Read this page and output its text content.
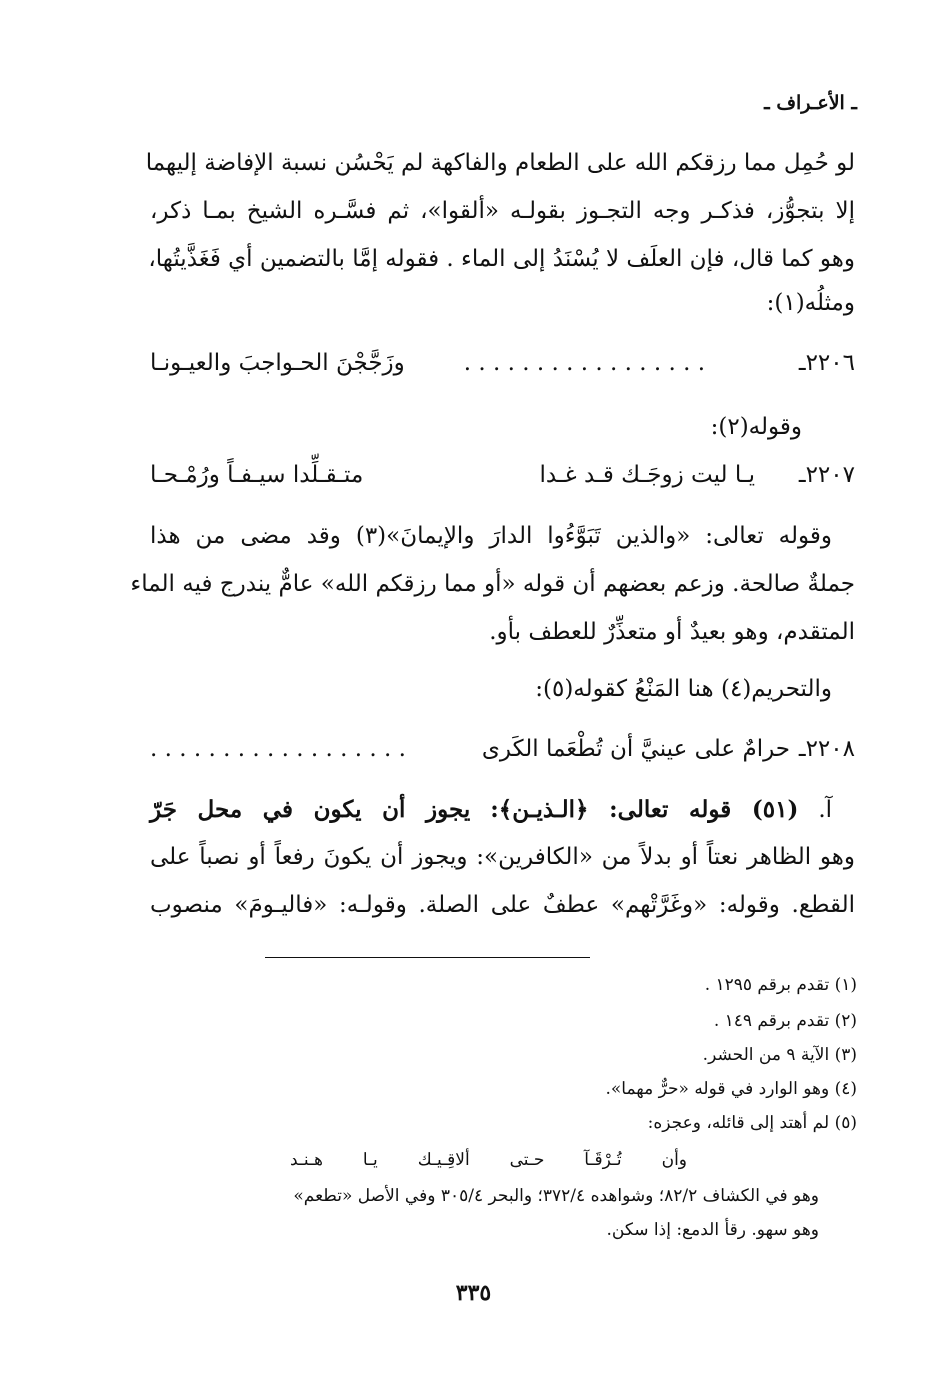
ـ الأعـراف ـ
لو حُمِل مما رزقكم الله على الطعام والفاكهة لم يَحْسُن نسبة الإفاضة إليهما
إلا بتجوُّز، فذكـر وجه التجـوز بقولـه «ألقوا»، ثم فسَّـره الشيخ بمـا ذكر،
وهو كما قال، فإن العلَف لا يُسْنَدُ إلى الماء . فقوله إمَّا بالتضمين أي فَغَذَّيتُها،
ومثلُه(١):
٢٢٠٦ـ
. . . . . . . . . . . . . . . . .
وزَجَّجْنَ الحـواجبَ والعيـونـا
وقوله(٢):
٢٢٠٧ـ
يـا ليت زوجَـك قـد غـدا
متـقـلِّدا سيـفـاً ورُمْـحـا
وقوله تعالى: «والذين تَبَوَّءُوا الدارَ والإيمانَ»(٣) وقد مضى من هذا
جملةٌ صالحة. وزعم بعضهم أن قوله «أو مما رزقكم الله» عامٌّ يندرج فيه الماء
المتقدم، وهو بعيدٌ أو متعذِّرٌ للعطف بأو.
والتحريم(٤) هنا المَنْعُ كقوله(٥):
٢٢٠٨ـ
حرامٌ على عينيَّ أن تُطْعَما الكَرى
. . . . . . . . . . . . . . . . . .
آ. (٥١) قوله تعالى: ﴿الـذيـن﴾: يجوز أن يكون في محل جَرّ
وهو الظاهر نعتاً أو بدلاً من «الكافرين»: ويجوز أن يكونَ رفعاً أو نصباً على
القطع. وقوله: «وغَرَّتْهم» عطفٌ على الصلة. وقولـه: «فاليـومَ» منصوب
(١) تقدم برقم ١٢٩٥ .
(٢) تقدم برقم ١٤٩ .
(٣) الآية ٩ من الحشر.
(٤) وهو الوارد في قوله «حرٌّ مهما».
(٥) لم أهتد إلى قائله، وعجزه:
وأن تُـرْقَـآ حـتى ألاقِـيـك يـا هـنـد
وهو في الكشاف ٨٢/٢؛ وشواهده ٣٧٢/٤؛ والبحر ٣٠٥/٤ وفي الأصل «تطعم»
وهو سهو. رقأ الدمع: إذا سكن.
٣٣٥
